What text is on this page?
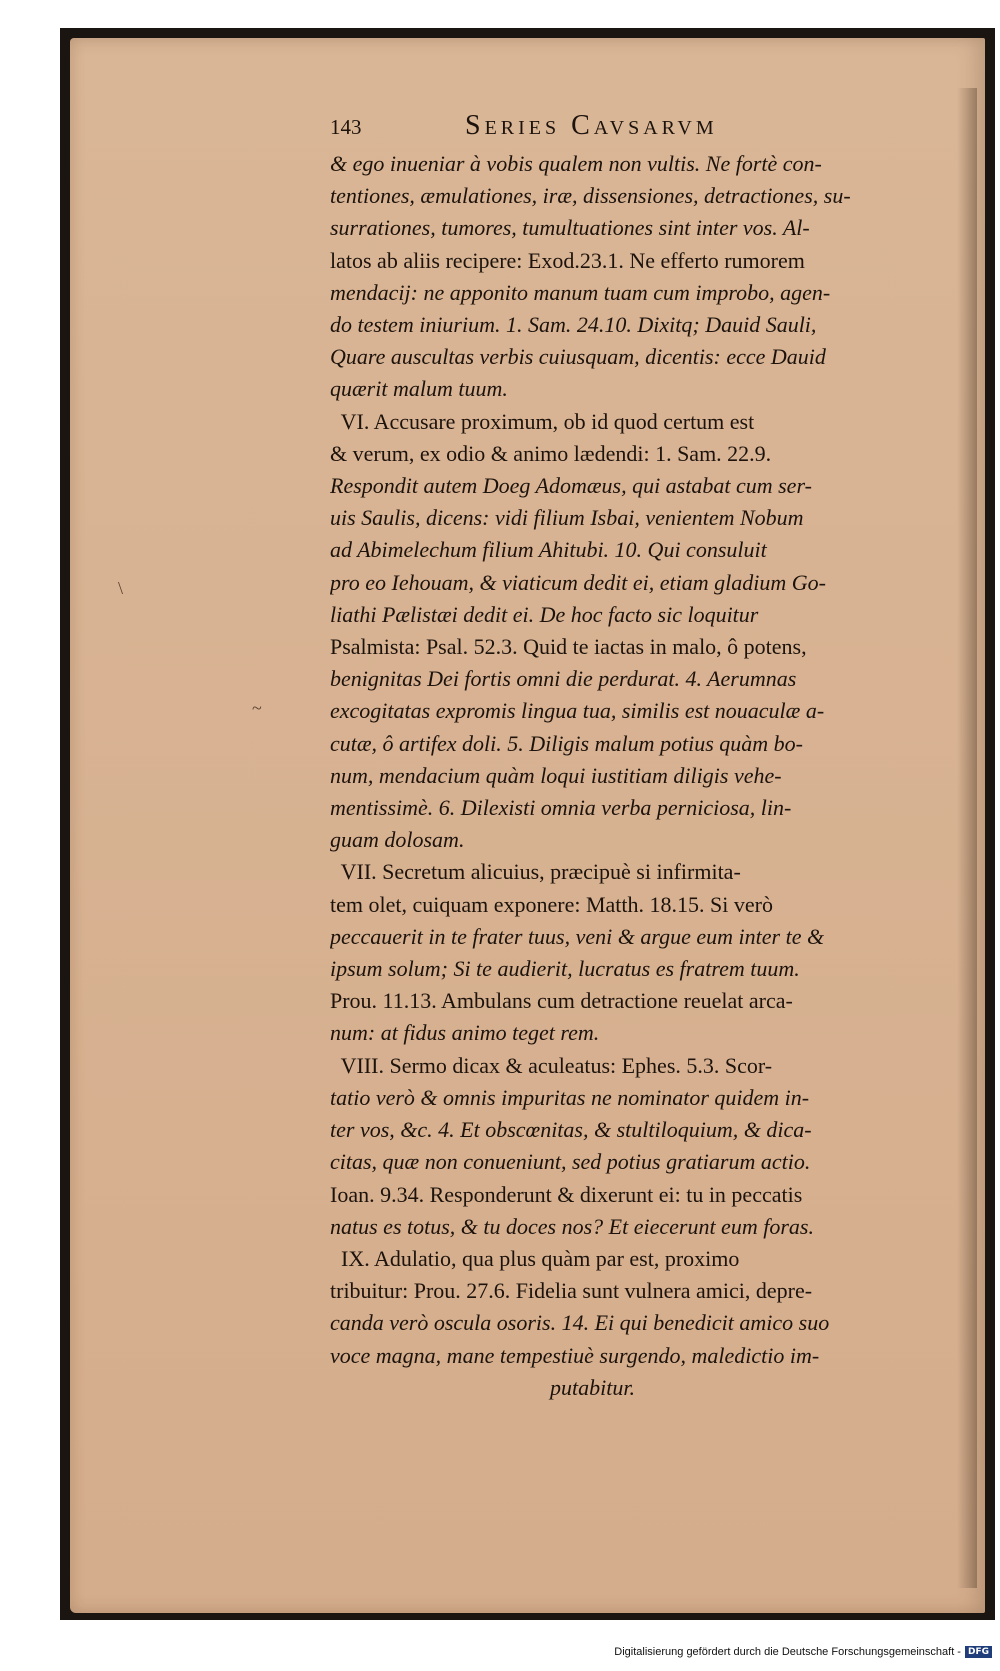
\
~
143	Series Cavsarvm
& ego inueniar à vobis qualem non vultis. Ne fortè con-
tentiones, æmulationes, iræ, dissensiones, detractiones, su-
surrationes, tumores, tumultuationes sint inter vos. Al-
latos ab aliis recipere: Exod.23.1. Ne efferto rumorem
mendacij: ne apponito manum tuam cum improbo, agen-
do testem iniurium. 1. Sam. 24.10. Dixitq; Dauid Sauli,
Quare auscultas verbis cuiusquam, dicentis: ecce Dauid
quærit malum tuum.
VI. Accusare proximum, ob id quod certum est
& verum, ex odio & animo lædendi: 1. Sam. 22.9.
Respondit autem Doeg Adomæus, qui astabat cum ser-
uis Saulis, dicens: vidi filium Isbai, venientem Nobum
ad Abimelechum filium Ahitubi. 10. Qui consuluit
pro eo Iehouam, & viaticum dedit ei, etiam gladium Go-
liathi Pælistæi dedit ei. De hoc facto sic loquitur
Psalmista: Psal. 52.3. Quid te iactas in malo, ô potens,
benignitas Dei fortis omni die perdurat. 4. Aerumnas
excogitatas expromis lingua tua, similis est nouaculæ a-
cutæ, ô artifex doli. 5. Diligis malum potius quàm bo-
num, mendacium quàm loqui iustitiam diligis vehe-
mentissimè. 6. Dilexisti omnia verba perniciosa, lin-
guam dolosam.
VII. Secretum alicuius, præcipuè si infirmita-
tem olet, cuiquam exponere: Matth. 18.15. Si verò
peccauerit in te frater tuus, veni & argue eum inter te &
ipsum solum; Si te audierit, lucratus es fratrem tuum.
Prou. 11.13. Ambulans cum detractione reuelat arca-
num: at fidus animo teget rem.
VIII. Sermo dicax & aculeatus: Ephes. 5.3. Scor-
tatio verò & omnis impuritas ne nominator quidem in-
ter vos, &c. 4. Et obscœnitas, & stultiloquium, & dica-
citas, quæ non conueniunt, sed potius gratiarum actio.
Ioan. 9.34. Responderunt & dixerunt ei: tu in peccatis
natus es totus, & tu doces nos? Et eiecerunt eum foras.
IX. Adulatio, qua plus quàm par est, proximo
tribuitur: Prou. 27.6. Fidelia sunt vulnera amici, depre-
canda verò oscula osoris. 14. Ei qui benedicit amico suo
voce magna, mane tempestiuè surgendo, maledictio im-
putabitur.
Digitalisierung gefördert durch die Deutsche Forschungsgemeinschaft - DFG
